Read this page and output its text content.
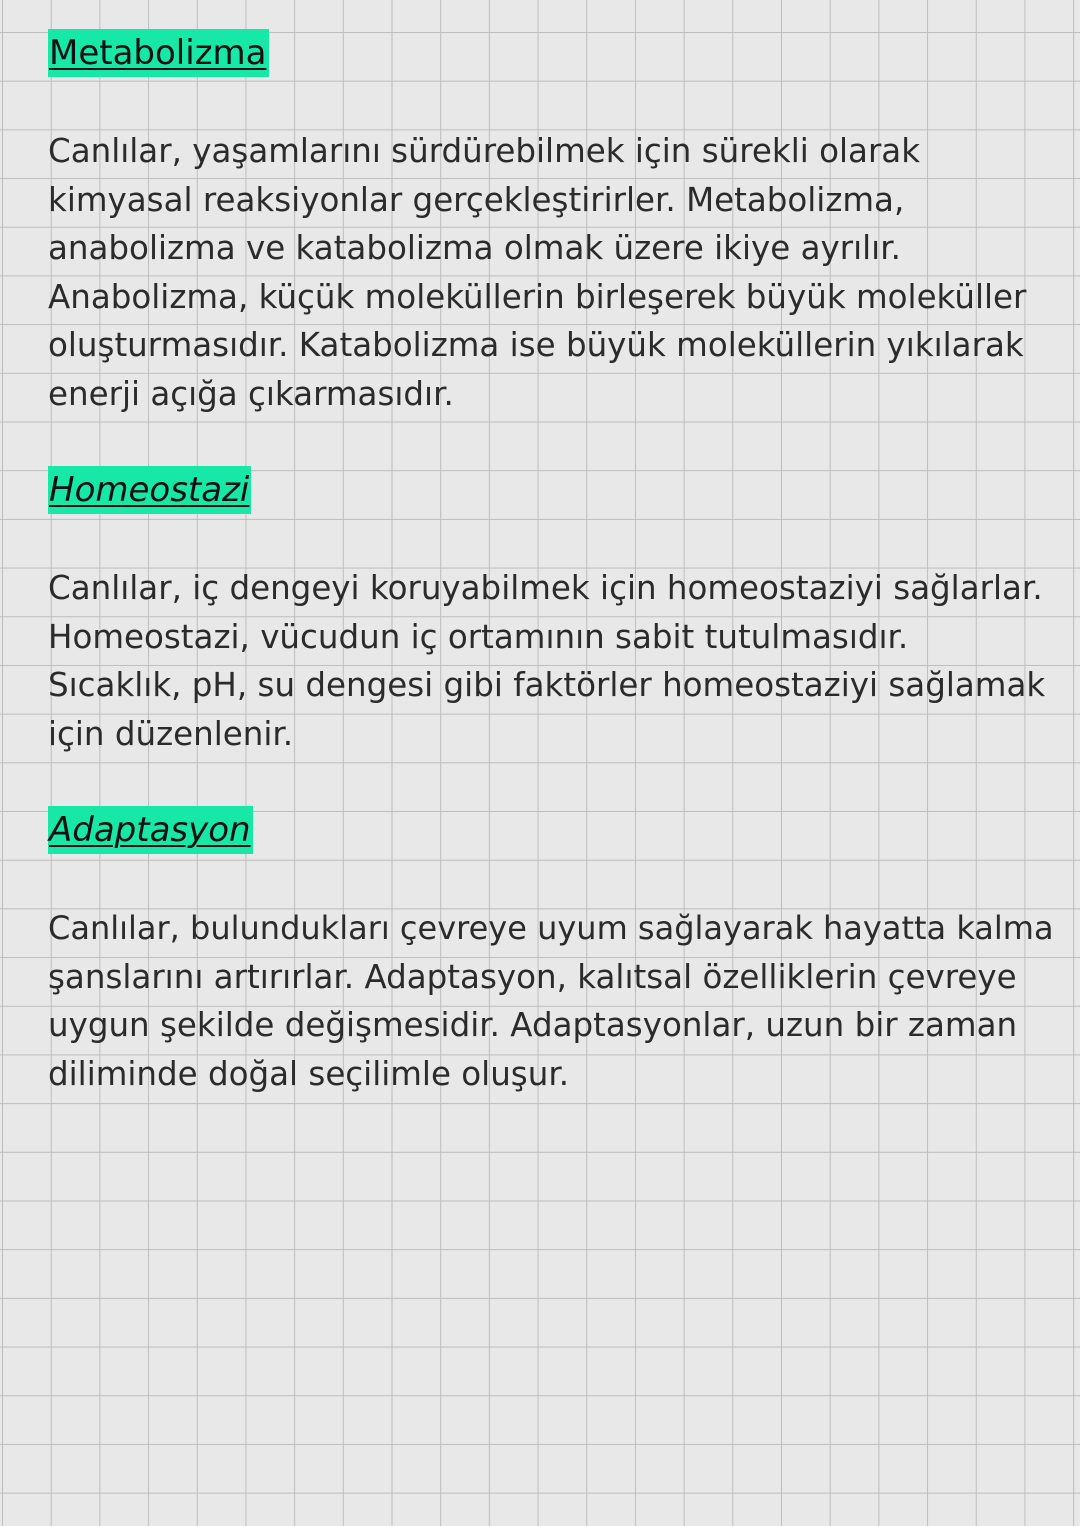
Metabolizma
Canlılar, yaşamlarını sürdürebilmek için sürekli olarak
kimyasal reaksiyonlar gerçekleştirirler. Metabolizma,
anabolizma ve katabolizma olmak üzere ikiye ayrılır.
Anabolizma, küçük moleküllerin birleşerek büyük moleküller
oluşturmasıdır. Katabolizma ise büyük moleküllerin yıkılarak
enerji açığa çıkarmasıdır.
Homeostazi
Canlılar, iç dengeyi koruyabilmek için homeostaziyi sağlarlar.
Homeostazi, vücudun iç ortamının sabit tutulmasıdır.
Sıcaklık, pH, su dengesi gibi faktörler homeostaziyi sağlamak
için düzenlenir.
Adaptasyon
Canlılar, bulundukları çevreye uyum sağlayarak hayatta kalma
şanslarını artırırlar. Adaptasyon, kalıtsal özelliklerin çevreye
uygun şekilde değişmesidir. Adaptasyonlar, uzun bir zaman
diliminde doğal seçilimle oluşur.
